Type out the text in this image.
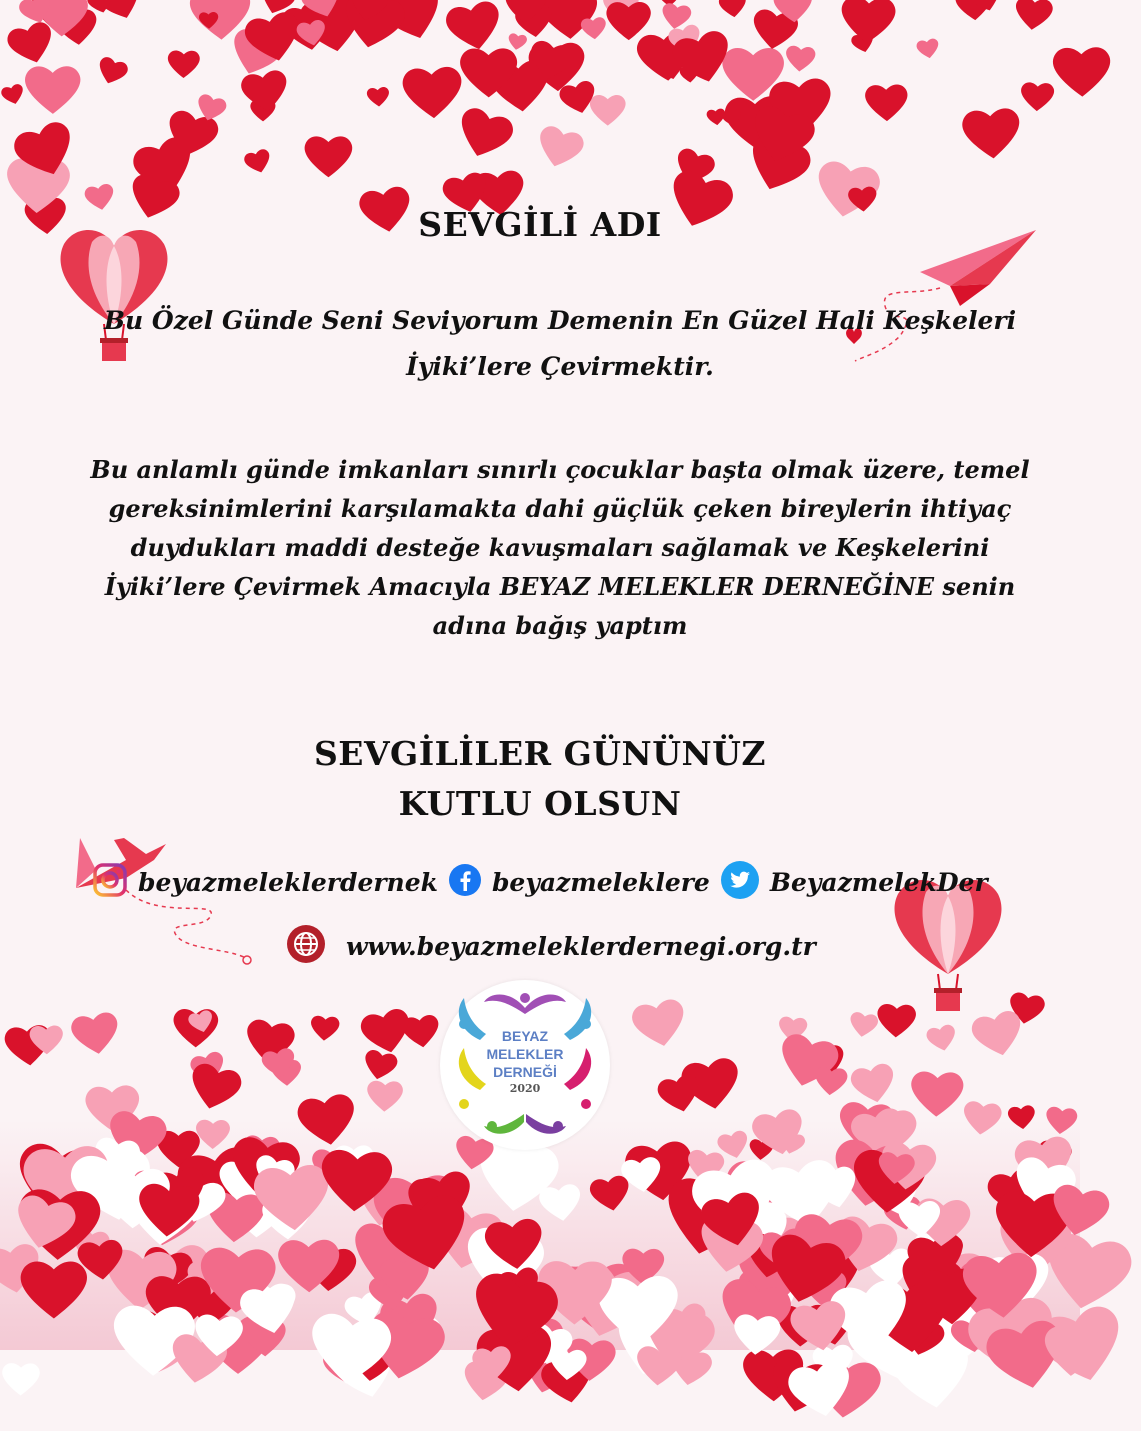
SEVGİLİ ADI
Bu Özel Günde Seni Seviyorum Demenin En Güzel Hali Keşkeleri
İyiki’lere Çevirmektir.
Bu anlamlı günde imkanları sınırlı çocuklar başta olmak üzere, temel
gereksinimlerini karşılamakta dahi güçlük çeken bireylerin ihtiyaç
duydukları maddi desteğe kavuşmaları sağlamak ve Keşkelerini
İyiki’lere Çevirmek Amacıyla BEYAZ MELEKLER DERNEĞİNE senin
adına bağış yaptım
SEVGİLİLER GÜNÜNÜZ
KUTLU OLSUN
beyazmeleklerdernek beyazmeleklere BeyazmelekDer
www.beyazmeleklerdernegi.org.tr
BEYAZ
MELEKLER
DERNEĞİ
2020
